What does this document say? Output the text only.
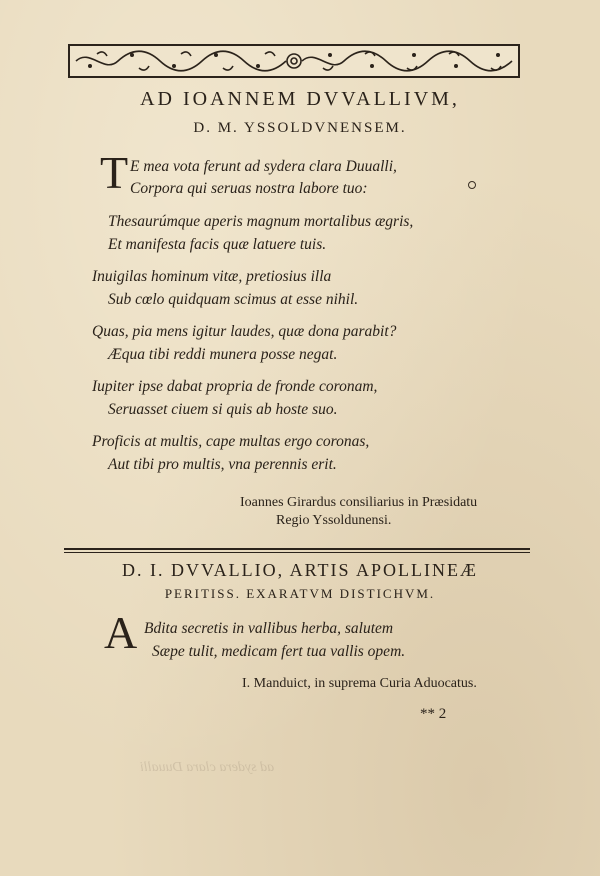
AD IOANNEM DVVALLIVM,
D. M. YSSOLDVNENSEM.
T E mea vota ferunt ad sydera clara Duualli,
Corpora qui seruas nostra labore tuo:
Thesaurúmque aperis magnum mortalibus ægris,
Et manifesta facis quæ latuere tuis.
Inuigilas hominum vitæ, pretiosius illa
Sub cœlo quidquam scimus at esse nihil.
Quas, pia mens igitur laudes, quæ dona parabit?
Æqua tibi reddi munera posse negat.
Iupiter ipse dabat propria de fronde coronam,
Seruasset ciuem si quis ab hoste suo.
Proficis at multis, cape multas ergo coronas,
Aut tibi pro multis, vna perennis erit.
Ioannes Girardus consiliarius in Præsidatu
Regio Yssoldunensi.
D. I. DVVALLIO, ARTIS APOLLINEÆ
PERITISS. EXARATVM DISTICHVM.
A Bdita secretis in vallibus herba, salutem
Sæpe tulit, medicam fert tua vallis opem.
I. Manduict, in suprema Curia Aduocatus.
** 2
ad sydera clara Duualli
